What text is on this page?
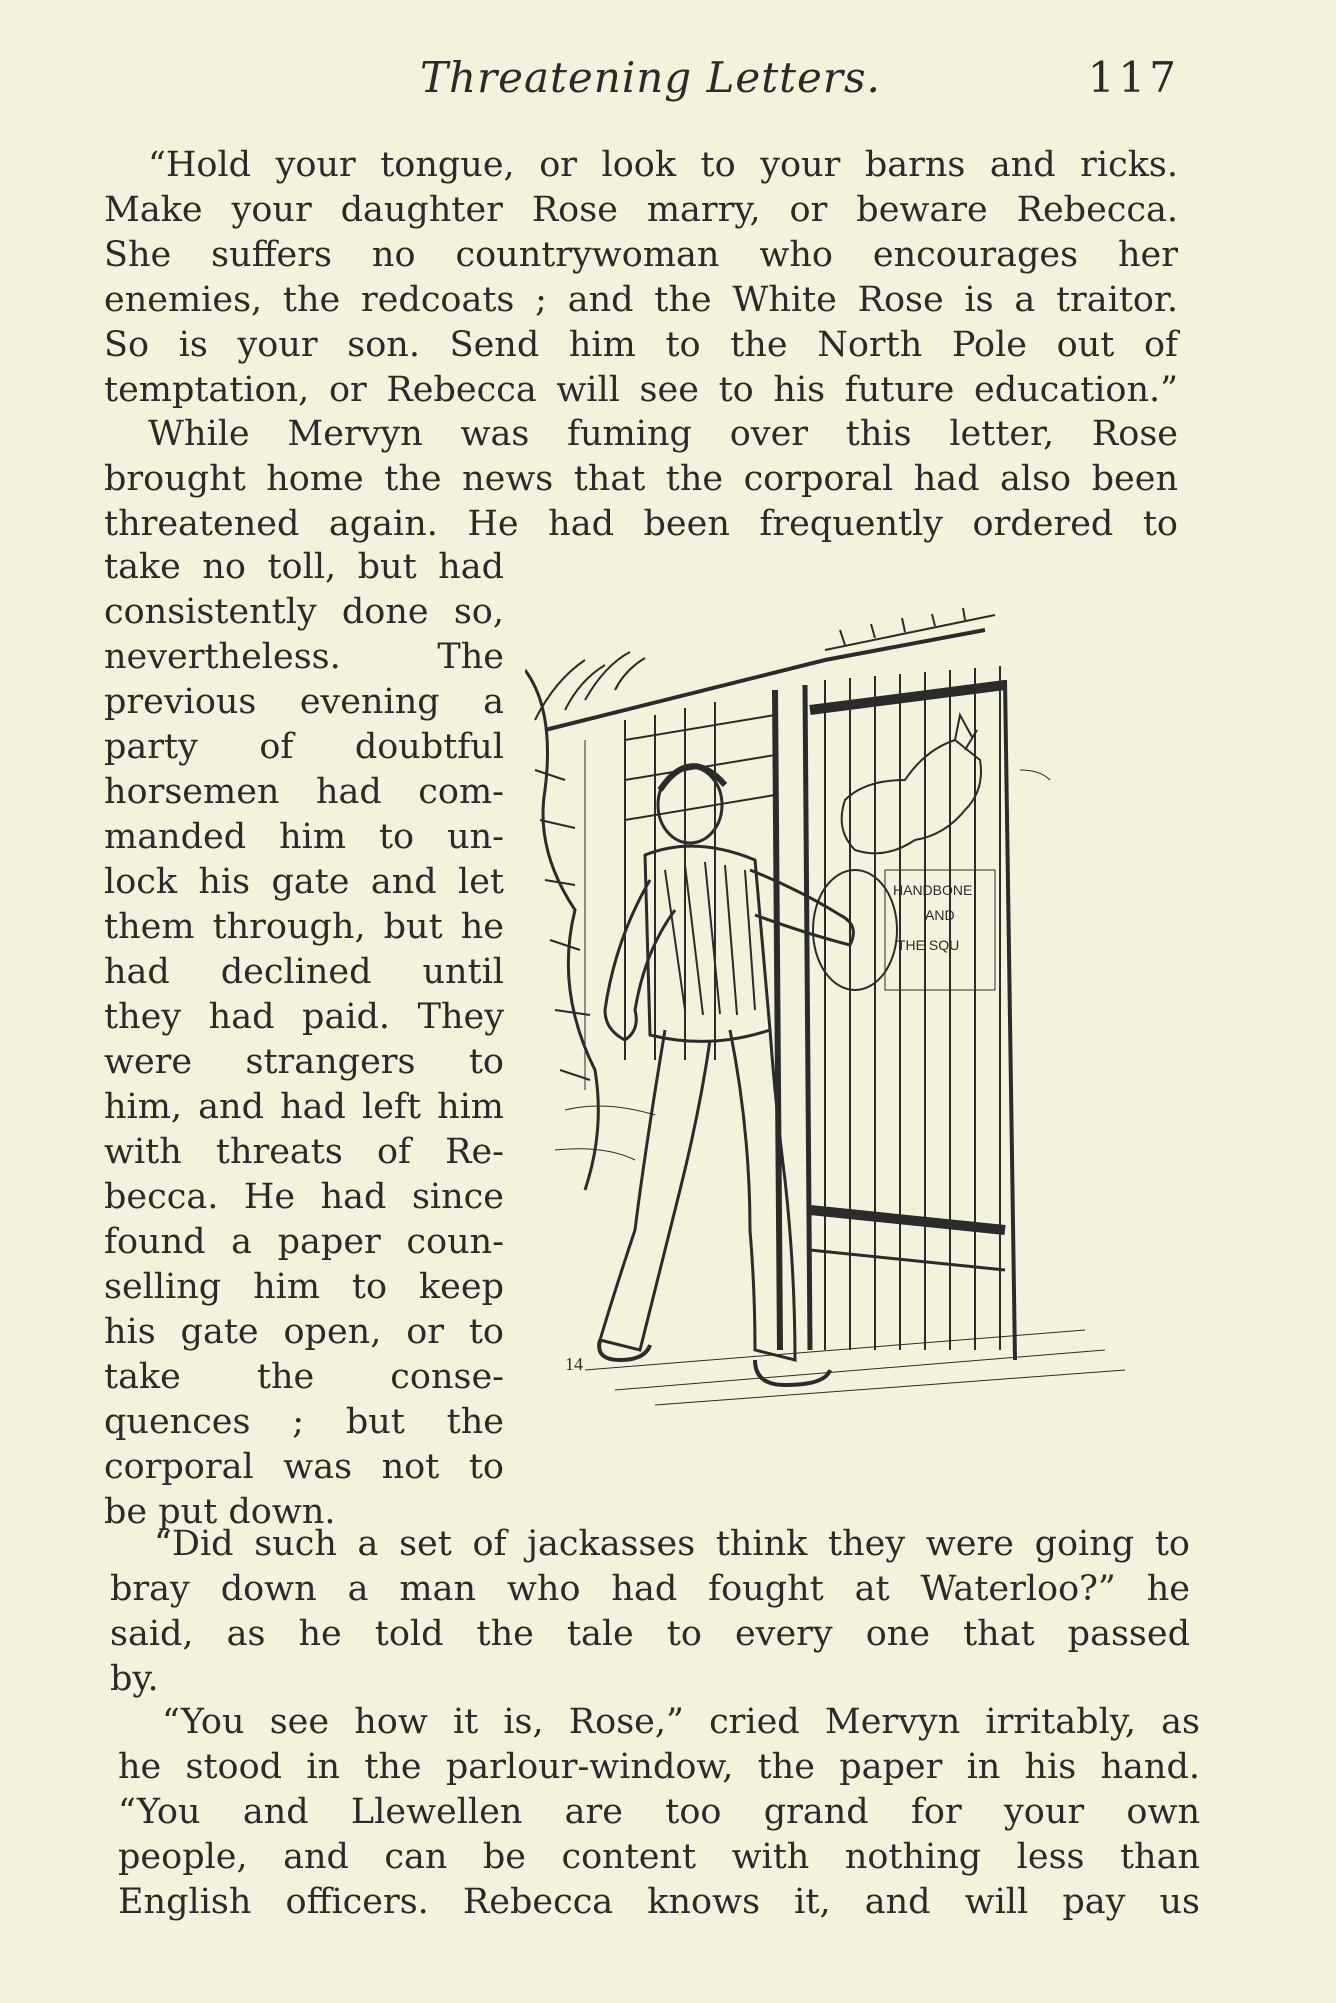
Threatening Letters.	117

“Hold your tongue, or look to your barns and ricks.
Make your daughter Rose marry, or beware Rebecca.
She suffers no countrywoman who encourages her
enemies, the redcoats ; and the White Rose is a traitor.
So is your son. Send him to the North Pole out of
temptation, or Rebecca will see to his future education.”

While Mervyn was fuming over this letter, Rose
brought home the news that the corporal had also been
threatened again. He had been frequently ordered to

take no toll, but had
consistently done so,
nevertheless. The
previous evening a
party of doubtful
horsemen had com-
manded him to un-
lock his gate and let
them through, but he
had declined until
they had paid. They
were strangers to
him, and had left him
with threats of Re-
becca. He had since
found a paper coun-
selling him to keep
his gate open, or to
take the conse-
quences ; but the
corporal was not to
be put down.

HANDBONE
AND
THE SQU
14

“Did such a set of jackasses think they were going to
bray down a man who had fought at Waterloo?” he
said, as he told the tale to every one that passed
by.

“You see how it is, Rose,” cried Mervyn irritably, as
he stood in the parlour-window, the paper in his hand.
“You and Llewellen are too grand for your own
people, and can be content with nothing less than
English officers. Rebecca knows it, and will pay us
